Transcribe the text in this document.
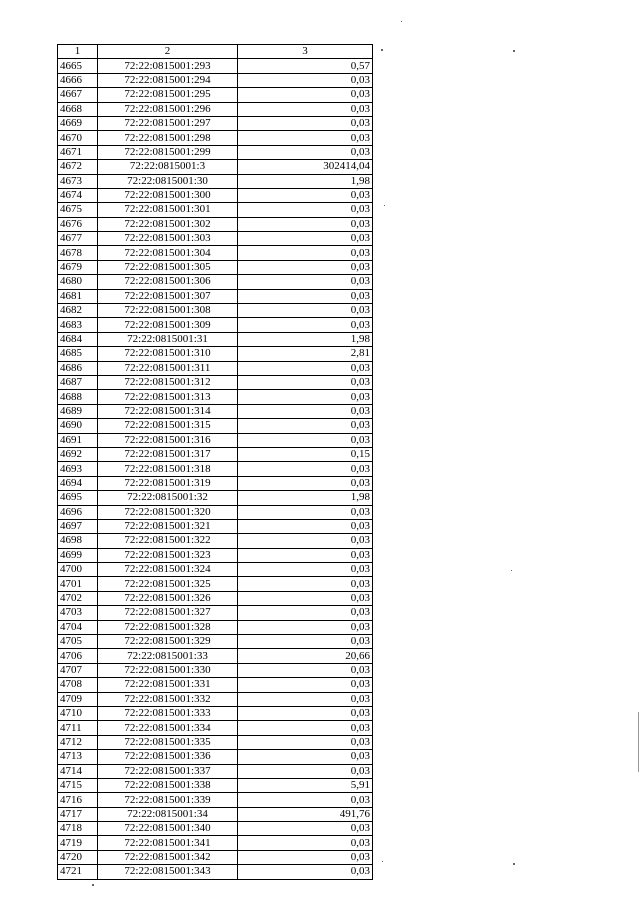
1	2	3
4665	72:22:0815001:293	0,57
4666	72:22:0815001:294	0,03
4667	72:22:0815001:295	0,03
4668	72:22:0815001:296	0,03
4669	72:22:0815001:297	0,03
4670	72:22:0815001:298	0,03
4671	72:22:0815001:299	0,03
4672	72:22:0815001:3	302414,04
4673	72:22:0815001:30	1,98
4674	72:22:0815001:300	0,03
4675	72:22:0815001:301	0,03
4676	72:22:0815001:302	0,03
4677	72:22:0815001:303	0,03
4678	72:22:0815001:304	0,03
4679	72:22:0815001:305	0,03
4680	72:22:0815001:306	0,03
4681	72:22:0815001:307	0,03
4682	72:22:0815001:308	0,03
4683	72:22:0815001:309	0,03
4684	72:22:0815001:31	1,98
4685	72:22:0815001:310	2,81
4686	72:22:0815001:311	0,03
4687	72:22:0815001:312	0,03
4688	72:22:0815001:313	0,03
4689	72:22:0815001:314	0,03
4690	72:22:0815001:315	0,03
4691	72:22:0815001:316	0,03
4692	72:22:0815001:317	0,15
4693	72:22:0815001:318	0,03
4694	72:22:0815001:319	0,03
4695	72:22:0815001:32	1,98
4696	72:22:0815001:320	0,03
4697	72:22:0815001:321	0,03
4698	72:22:0815001:322	0,03
4699	72:22:0815001:323	0,03
4700	72:22:0815001:324	0,03
4701	72:22:0815001:325	0,03
4702	72:22:0815001:326	0,03
4703	72:22:0815001:327	0,03
4704	72:22:0815001:328	0,03
4705	72:22:0815001:329	0,03
4706	72:22:0815001:33	20,66
4707	72:22:0815001:330	0,03
4708	72:22:0815001:331	0,03
4709	72:22:0815001:332	0,03
4710	72:22:0815001:333	0,03
4711	72:22:0815001:334	0,03
4712	72:22:0815001:335	0,03
4713	72:22:0815001:336	0,03
4714	72:22:0815001:337	0,03
4715	72:22:0815001:338	5,91
4716	72:22:0815001:339	0,03
4717	72:22:0815001:34	491,76
4718	72:22:0815001:340	0,03
4719	72:22:0815001:341	0,03
4720	72:22:0815001:342	0,03
4721	72:22:0815001:343	0,03
